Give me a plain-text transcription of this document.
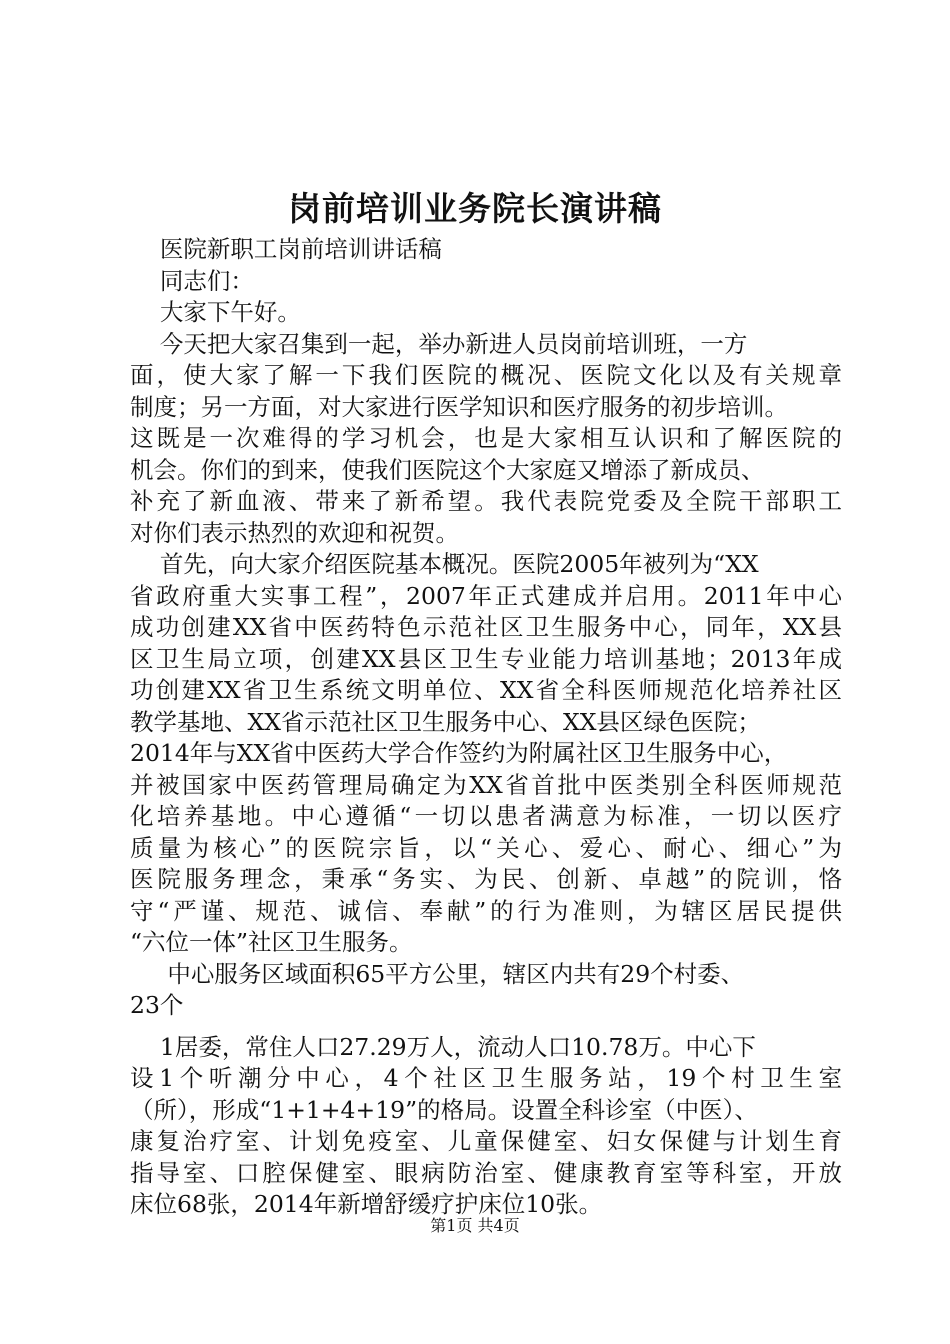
岗前培训业务院长演讲稿
医院新职工岗前培训讲话稿
同志们：
大家下午好。
今天把大家召集到一起，举办新进人员岗前培训班，一方
面，使大家了解一下我们医院的概况、医院文化以及有关规章
制度；另一方面，对大家进行医学知识和医疗服务的初步培训。
这既是一次难得的学习机会，也是大家相互认识和了解医院的
机会。你们的到来，使我们医院这个大家庭又增添了新成员、
补充了新血液、带来了新希望。我代表院党委及全院干部职工
对你们表示热烈的欢迎和祝贺。
首先，向大家介绍医院基本概况。医院2005年被列为“XX
省政府重大实事工程”，2007年正式建成并启用。2011年中心
成功创建XX省中医药特色示范社区卫生服务中心，同年，XX县
区卫生局立项，创建XX县区卫生专业能力培训基地；2013年成
功创建XX省卫生系统文明单位、XX省全科医师规范化培养社区
教学基地、XX省示范社区卫生服务中心、XX县区绿色医院；
2014年与XX省中医药大学合作签约为附属社区卫生服务中心，
并被国家中医药管理局确定为XX省首批中医类别全科医师规范
化培养基地。中心遵循“一切以患者满意为标准，一切以医疗
质量为核心”的医院宗旨，以“关心、爱心、耐心、细心”为
医院服务理念，秉承“务实、为民、创新、卓越”的院训，恪
守“严谨、规范、诚信、奉献”的行为准则，为辖区居民提供
“六位一体”社区卫生服务。
中心服务区域面积65平方公里，辖区内共有29个村委、
23个
1居委，常住人口27.29万人，流动人口10.78万。中心下
设1个听潮分中心，4个社区卫生服务站，19个村卫生室
（所），形成“1+1+4+19”的格局。设置全科诊室（中医）、
康复治疗室、计划免疫室、儿童保健室、妇女保健与计划生育
指导室、口腔保健室、眼病防治室、健康教育室等科室，开放
床位68张，2014年新增舒缓疗护床位10张。
第1页 共4页
